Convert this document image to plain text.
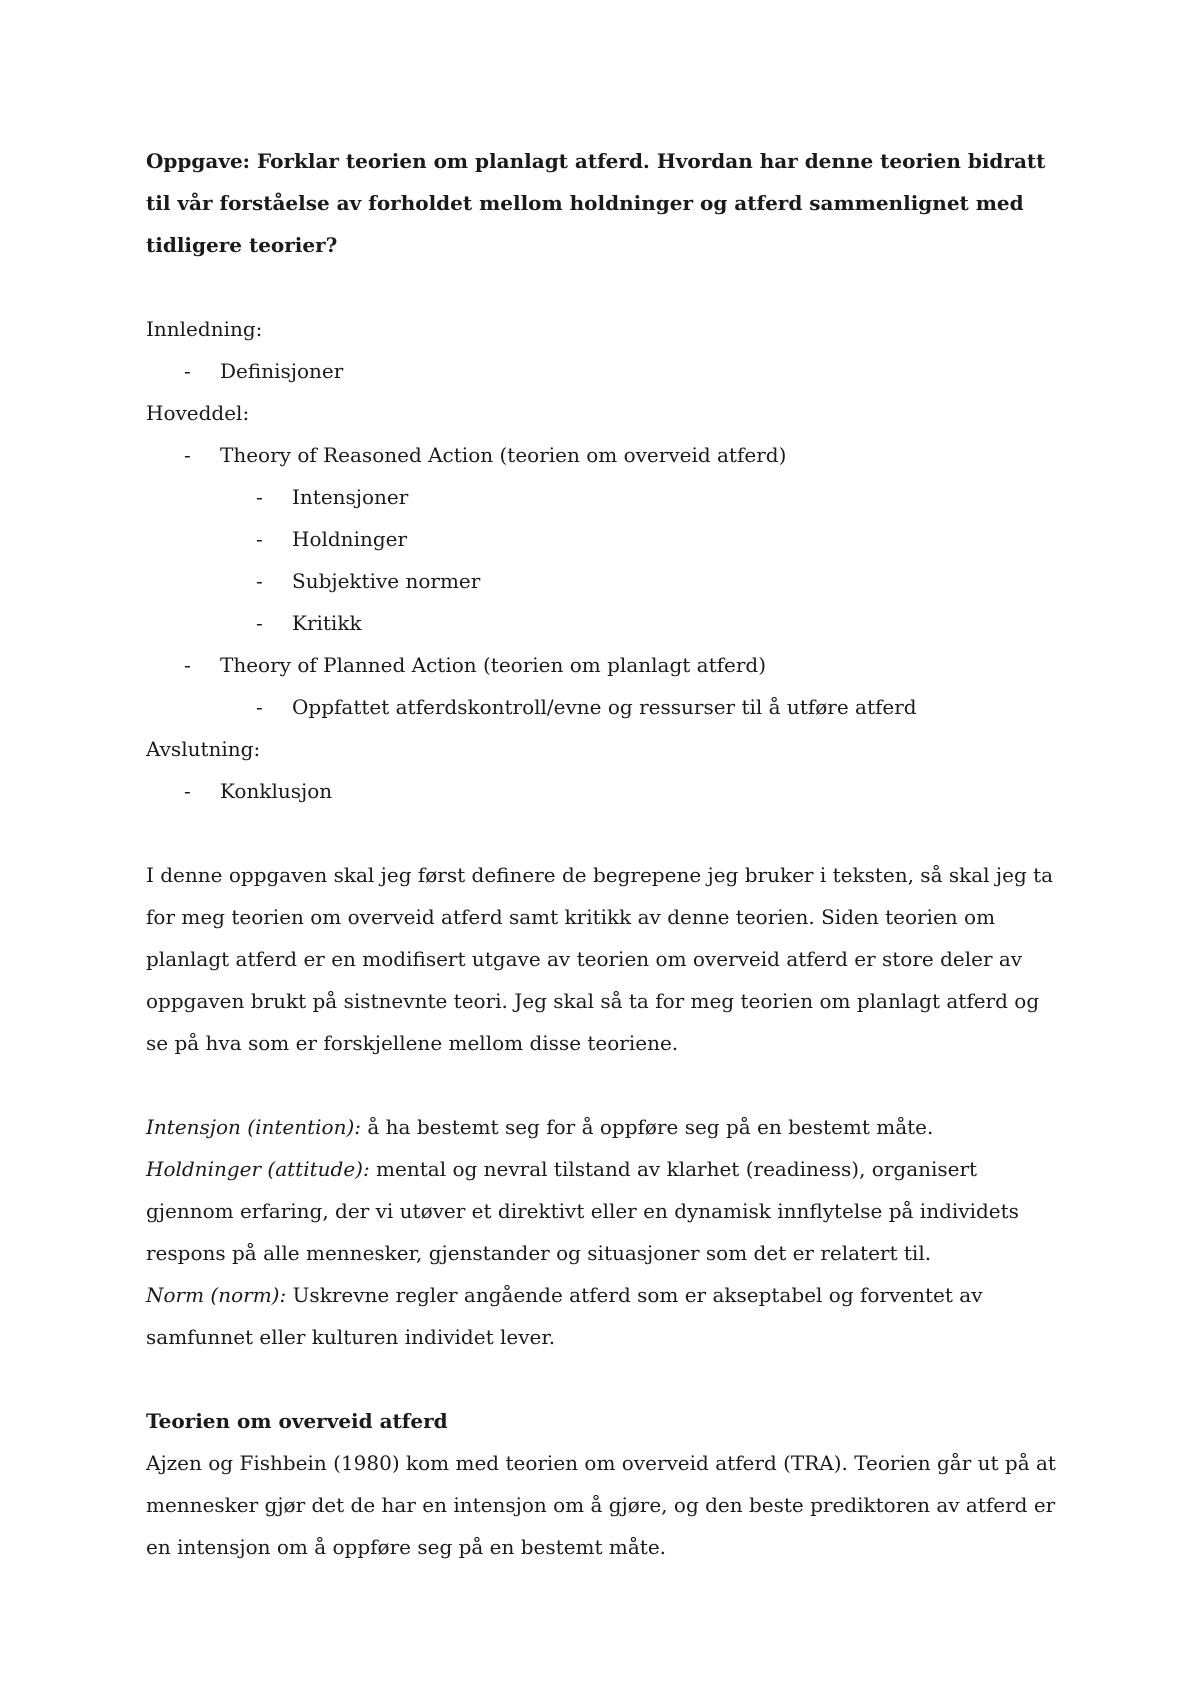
Oppgave: Forklar teorien om planlagt atferd. Hvordan har denne teorien bidratt til vår forståelse av forholdet mellom holdninger og atferd sammenlignet med tidligere teorier?

Innledning:

-	Definisjoner

Hoveddel:

-	Theory of Reasoned Action (teorien om overveid atferd)
-	Intensjoner
-	Holdninger
-	Subjektive normer
-	Kritikk
-	Theory of Planned Action (teorien om planlagt atferd)
-	Oppfattet atferdskontroll/evne og ressurser til å utføre atferd

Avslutning:

-	Konklusjon

I denne oppgaven skal jeg først definere de begrepene jeg bruker i teksten, så skal jeg ta for meg teorien om overveid atferd samt kritikk av denne teorien. Siden teorien om planlagt atferd er en modifisert utgave av teorien om overveid atferd er store deler av oppgaven brukt på sistnevnte teori. Jeg skal så ta for meg teorien om planlagt atferd og se på hva som er forskjellene mellom disse teoriene.

Intensjon (intention): å ha bestemt seg for å oppføre seg på en bestemt måte.

Holdninger (attitude): mental og nevral tilstand av klarhet (readiness), organisert gjennom erfaring, der vi utøver et direktivt eller en dynamisk innflytelse på individets respons på alle mennesker, gjenstander og situasjoner som det er relatert til.

Norm (norm): Uskrevne regler angående atferd som er akseptabel og forventet av samfunnet eller kulturen individet lever.

Teorien om overveid atferd

Ajzen og Fishbein (1980) kom med teorien om overveid atferd (TRA). Teorien går ut på at mennesker gjør det de har en intensjon om å gjøre, og den beste prediktoren av atferd er en intensjon om å oppføre seg på en bestemt måte.
